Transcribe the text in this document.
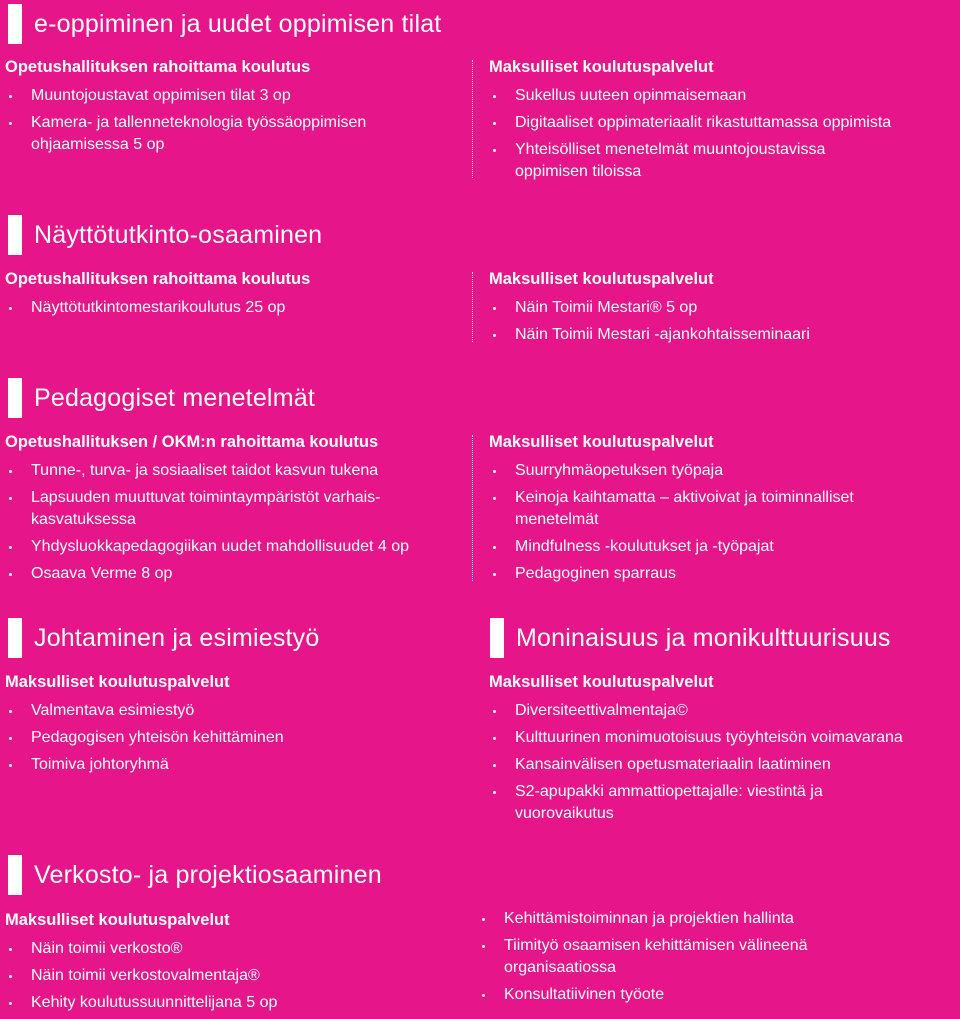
e-oppiminen ja uudet oppimisen tilat
Opetushallituksen rahoittama koulutus
Muuntojoustavat oppimisen tilat 3 op
Kamera- ja tallenneteknologia työssäoppimisen ohjaamisessa 5 op
Maksulliset koulutuspalvelut
Sukellus uuteen opinmaisemaan
Digitaaliset oppimateriaalit rikastuttamassa oppimista
Yhteisölliset menetelmät muuntojoustavissa oppimisen tiloissa
Näyttötutkinto-osaaminen
Opetushallituksen rahoittama koulutus
Näyttötutkintomestarikoulutus 25 op
Maksulliset koulutuspalvelut
Näin Toimii Mestari® 5 op
Näin Toimii Mestari -ajankohtaisseminaari
Pedagogiset menetelmät
Opetushallituksen / OKM:n rahoittama koulutus
Tunne-, turva- ja sosiaaliset taidot kasvun tukena
Lapsuuden muuttuvat toimintaympäristöt varhais-kasvatuksessa
Yhdysluokkapedagogiikan uudet mahdollisuudet 4 op
Osaava Verme 8 op
Maksulliset koulutuspalvelut
Suurryhmäopetuksen työpaja
Keinoja kaihtamatta – aktivoivat ja toiminnalliset menetelmät
Mindfulness -koulutukset ja -työpajat
Pedagoginen sparraus
Johtaminen ja esimiestyö
Maksulliset koulutuspalvelut
Valmentava esimiestyö
Pedagogisen yhteisön kehittäminen
Toimiva johtoryhmä
Moninaisuus ja monikulttuurisuus
Maksulliset koulutuspalvelut
Diversiteettivalmentaja©
Kulttuurinen monimuotoisuus työyhteisön voimavarana
Kansainvälisen opetusmateriaalin laatiminen
S2-apupakki ammattiopettajalle: viestintä ja vuorovaikutus
Verkosto- ja projektiosaaminen
Maksulliset koulutuspalvelut
Näin toimii verkosto®
Näin toimii verkostovalmentaja®
Kehity koulutussuunnittelijana 5 op
Kehittämistoiminnan ja projektien hallinta
Tiimityö osaamisen kehittämisen välineenä organisaatiossa
Konsultatiivinen työote
